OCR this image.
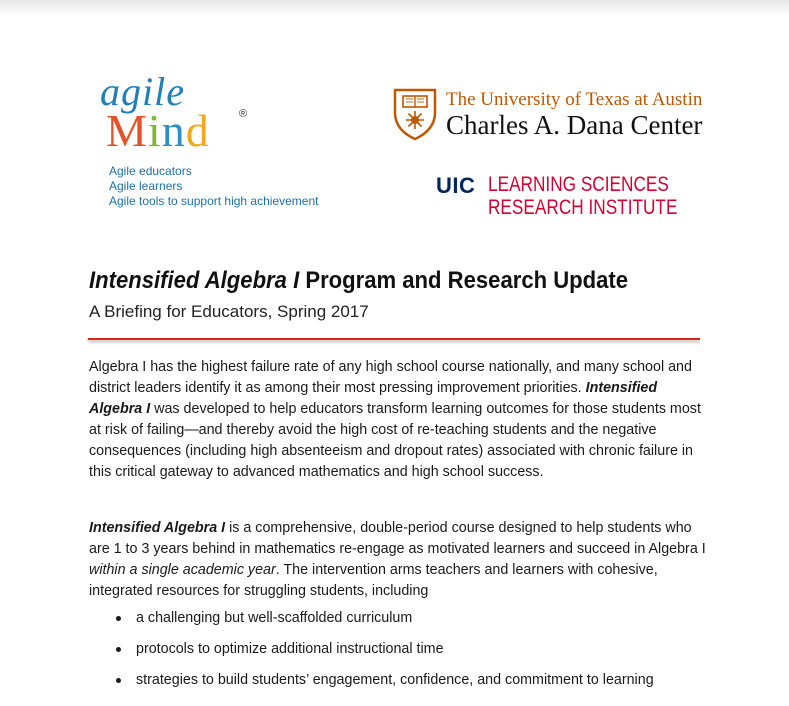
agile
Mind	®
Agile educators
Agile learners
Agile tools to support high achievement
The University of Texas at Austin
Charles A. Dana Center
UIC LEARNING SCIENCES
RESEARCH INSTITUTE
Intensified Algebra I Program and Research Update
A Briefing for Educators, Spring 2017
Algebra I has the highest failure rate of any high school course nationally, and many school and district leaders identify it as among their most pressing improvement priorities. Intensified Algebra I was developed to help educators transform learning outcomes for those students most at risk of failing—and thereby avoid the high cost of re-teaching students and the negative consequences (including high absenteeism and dropout rates) associated with chronic failure in this critical gateway to advanced mathematics and high school success.
Intensified Algebra I is a comprehensive, double-period course designed to help students who are 1 to 3 years behind in mathematics re-engage as motivated learners and succeed in Algebra I within a single academic year. The intervention arms teachers and learners with cohesive, integrated resources for struggling students, including
a challenging but well-scaffolded curriculum
protocols to optimize additional instructional time
strategies to build students’ engagement, confidence, and commitment to learning
